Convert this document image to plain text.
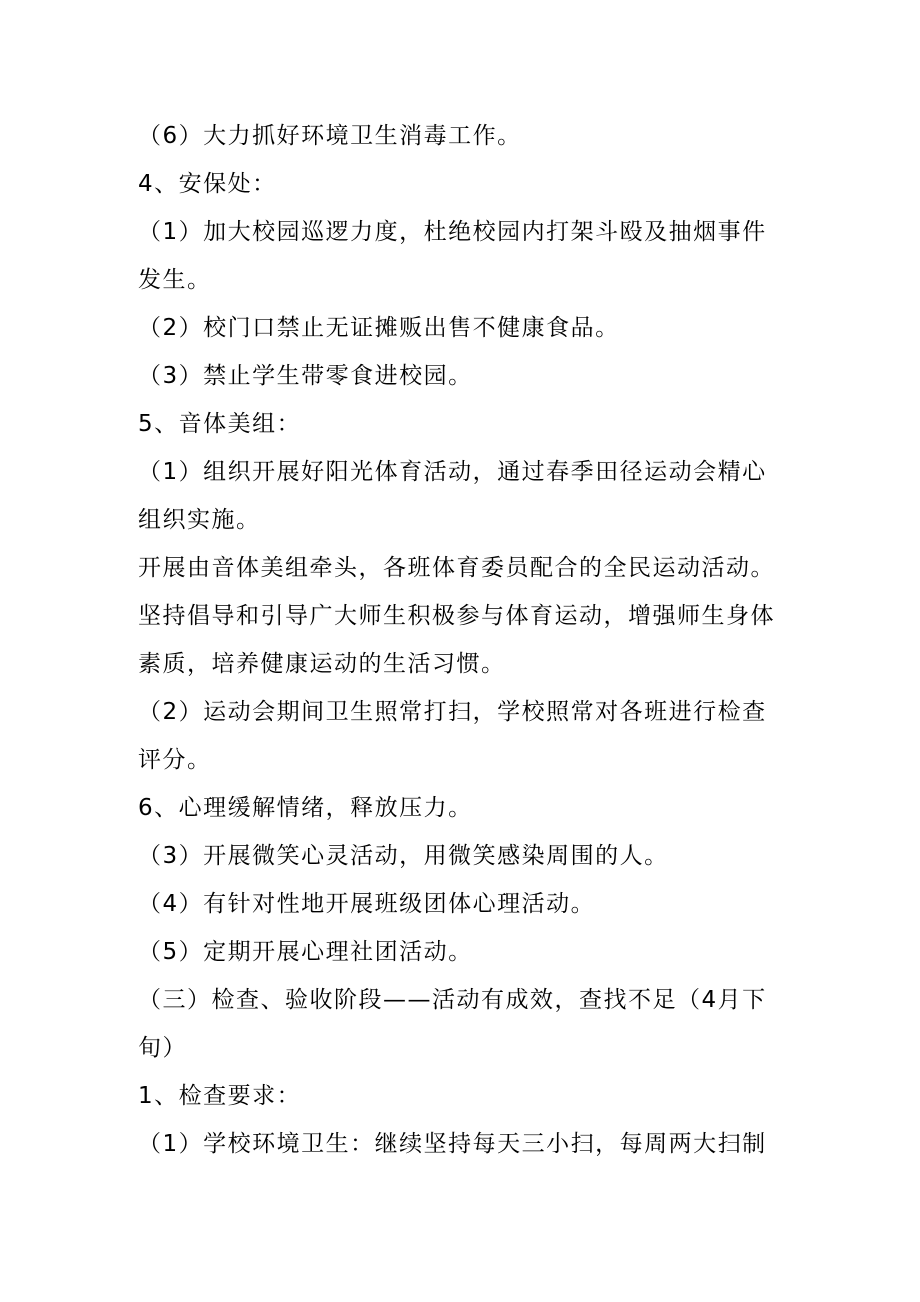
（6）大力抓好环境卫生消毒工作。

4、安保处：

（1）加大校园巡逻力度，杜绝校园内打架斗殴及抽烟事件发生。

（2）校门口禁止无证摊贩出售不健康食品。

（3）禁止学生带零食进校园。

5、音体美组：

（1）组织开展好阳光体育活动，通过春季田径运动会精心组织实施。

开展由音体美组牵头，各班体育委员配合的全民运动活动。坚持倡导和引导广大师生积极参与体育运动，增强师生身体素质，培养健康运动的生活习惯。

（2）运动会期间卫生照常打扫，学校照常对各班进行检查评分。

6、心理缓解情绪，释放压力。

（3）开展微笑心灵活动，用微笑感染周围的人。

（4）有针对性地开展班级团体心理活动。

（5）定期开展心理社团活动。

（三）检查、验收阶段——活动有成效，查找不足（4月下旬）

1、检查要求：

（1）学校环境卫生：继续坚持每天三小扫，每周两大扫制
